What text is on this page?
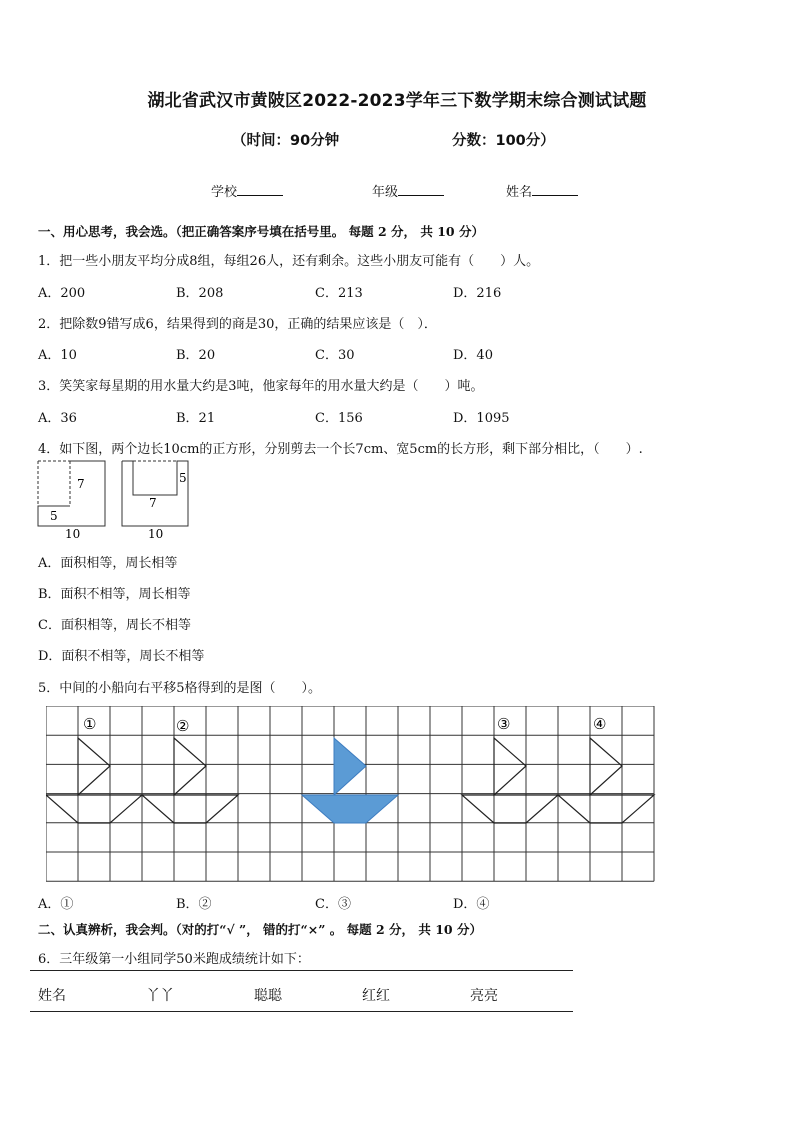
湖北省武汉市黄陂区2022-2023学年三下数学期末综合测试试题
（时间：90分钟	分数：100分）
学校	年级	姓名
一、用心思考，我会选。（把正确答案序号填在括号里。 每题 2 分， 共 10 分）
1．把一些小朋友平均分成8组，每组26人，还有剩余。这些小朋友可能有（　　）人。
A．200	B．208	C．213	D．216
2．把除数9错写成6，结果得到的商是30，正确的结果应该是（　）．
A．10	B．20	C．30	D．40
3．笑笑家每星期的用水量大约是3吨，他家每年的用水量大约是（　　）吨。
A．36	B．21	C．156	D．1095
4．如下图，两个边长10cm的正方形，分别剪去一个长7cm、宽5cm的长方形，剩下部分相比，（　　）.
7
5
10
5
7
10
A．面积相等，周长相等
B．面积不相等，周长相等
C．面积相等，周长不相等
D．面积不相等，周长不相等
5．中间的小船向右平移5格得到的是图（　　）。
①	②	③	④
A．①	B．②	C．③	D．④
二、认真辨析，我会判。（对的打“√ ”， 错的打“×” 。 每题 2 分， 共 10 分）
6．三年级第一小组同学50米跑成绩统计如下：
姓名	丫丫	聪聪	红红	亮亮
